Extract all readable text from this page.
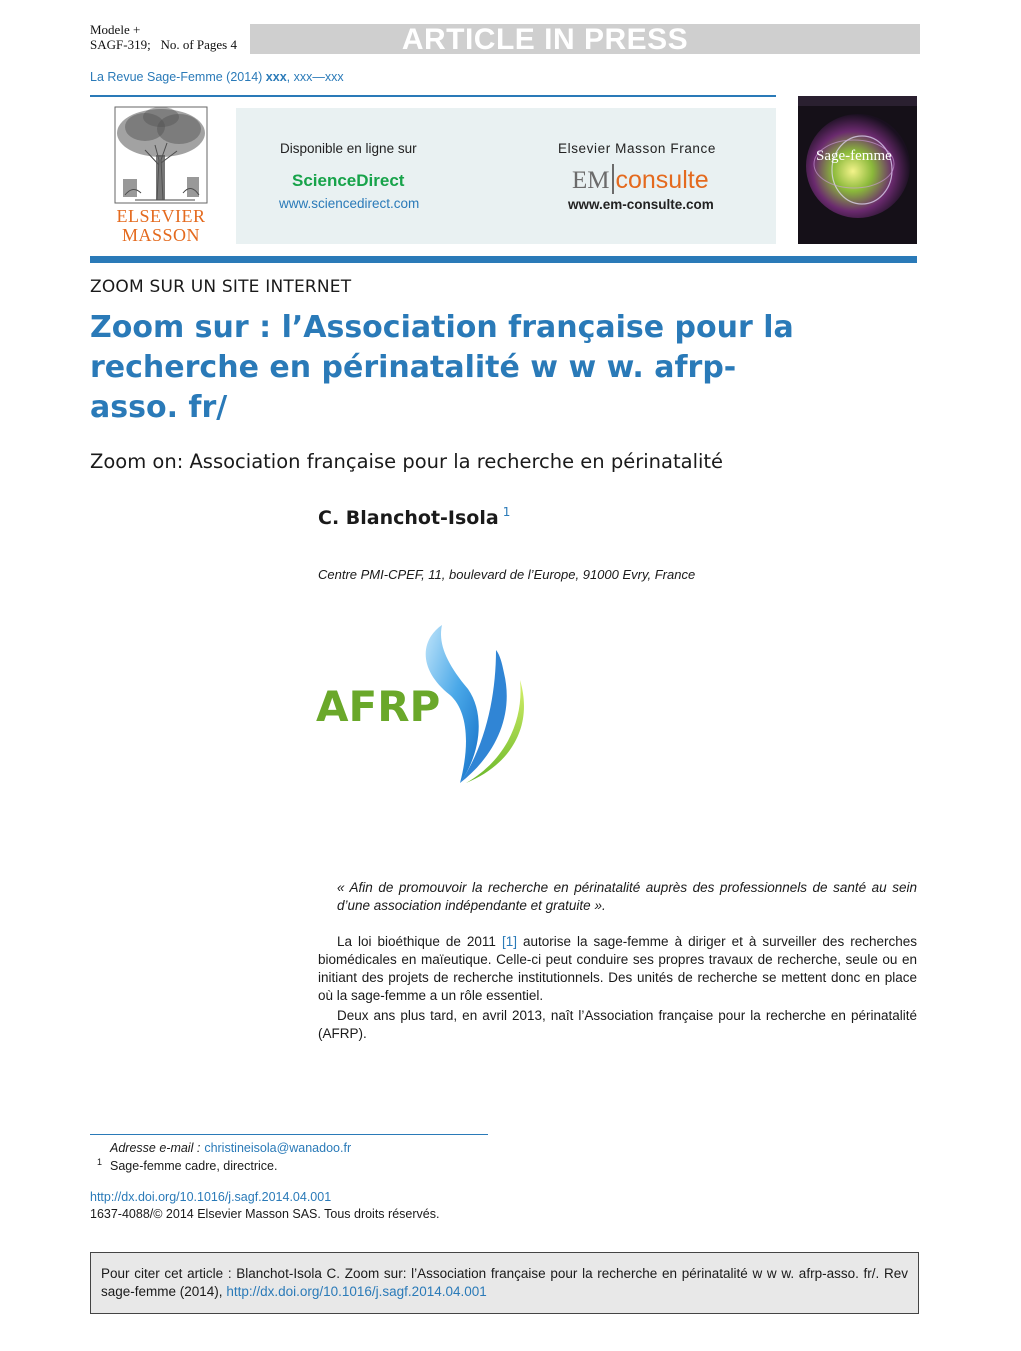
Modele +
SAGF-319; No. of Pages 4	ARTICLE IN PRESS
La Revue Sage-Femme (2014) xxx, xxx—xxx
ELSEVIER
MASSON
Disponible en ligne sur
ScienceDirect
www.sciencedirect.com
Elsevier Masson France
EM consulte
www.em-consulte.com
Sage-femme
ZOOM SUR UN SITE INTERNET
Zoom sur : l’Association française pour la recherche en périnatalité w w w. afrp-asso. fr/
Zoom on: Association française pour la recherche en périnatalité
C. Blanchot-Isola $^1$
Centre PMI-CPEF, 11, boulevard de l’Europe, 91000 Evry, France
AFRP
« Afin de promouvoir la recherche en périnatalité auprès des professionnels de santé au sein d’une association indépendante et gratuite ».
La loi bioéthique de 2011 [1] autorise la sage-femme à diriger et à surveiller des recherches biomédicales en maïeutique. Celle-ci peut conduire ses propres travaux de recherche, seule ou en initiant des projets de recherche institutionnels. Des unités de recherche se mettent donc en place où la sage-femme a un rôle essentiel.
Deux ans plus tard, en avril 2013, naît l’Association française pour la recherche en périnatalité (AFRP).
Adresse e-mail : christineisola@wanadoo.fr
$^1$ Sage-femme cadre, directrice.
http://dx.doi.org/10.1016/j.sagf.2014.04.001
1637-4088/© 2014 Elsevier Masson SAS. Tous droits réservés.
Pour citer cet article : Blanchot-Isola C. Zoom sur: l’Association française pour la recherche en périnatalité w w w. afrp-asso. fr/. Rev sage-femme (2014), http://dx.doi.org/10.1016/j.sagf.2014.04.001
